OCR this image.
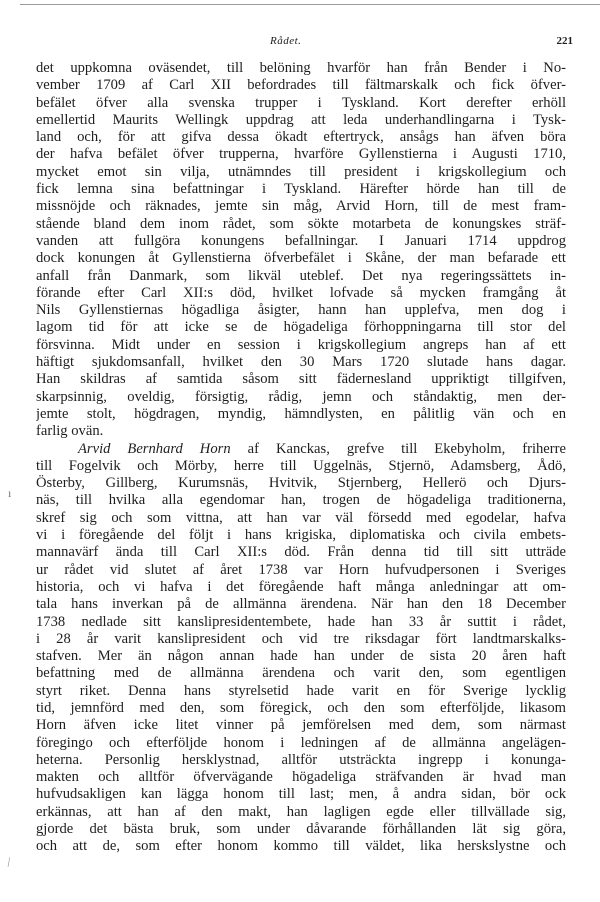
Rådet.	221
det uppkomna oväsendet, till belöning hvarför han från Bender i No-
vember 1709 af Carl XII befordrades till fältmarskalk och fick öfver-
befälet öfver alla svenska trupper i Tyskland. Kort derefter erhöll
emellertid Maurits Wellingk uppdrag att leda underhandlingarna i Tysk-
land och, för att gifva dessa ökadt eftertryck, ansågs han äfven böra
der hafva befälet öfver trupperna, hvarföre Gyllenstierna i Augusti 1710,
mycket emot sin vilja, utnämndes till president i krigskollegium och
fick lemna sina befattningar i Tyskland. Härefter hörde han till de
missnöjde och räknades, jemte sin måg, Arvid Horn, till de mest fram-
stående bland dem inom rådet, som sökte motarbeta de konungskes sträf-
vanden att fullgöra konungens befallningar. I Januari 1714 uppdrog
dock konungen åt Gyllenstierna öfverbefälet i Skåne, der man befarade ett
anfall från Danmark, som likväl uteblef. Det nya regeringssättets in-
förande efter Carl XII:s död, hvilket lofvade så mycken framgång åt
Nils Gyllenstiernas högadliga åsigter, hann han upplefva, men dog i
lagom tid för att icke se de högadeliga förhoppningarna till stor del
försvinna. Midt under en session i krigskollegium angreps han af ett
häftigt sjukdomsanfall, hvilket den 30 Mars 1720 slutade hans dagar.
Han skildras af samtida såsom sitt fädernesland uppriktigt tillgifven,
skarpsinnig, oveldig, försigtig, rådig, jemn och ståndaktig, men der-
jemte stolt, högdragen, myndig, hämndlysten, en pålitlig vän och en
farlig ovän.
Arvid Bernhard Horn af Kanckas, grefve till Ekebyholm, friherre
till Fogelvik och Mörby, herre till Uggelnäs, Stjernö, Adamsberg, Ådö,
Österby, Gillberg, Kurumsnäs, Hvitvik, Stjernberg, Hellerö och Djurs-
näs, till hvilka alla egendomar han, trogen de högadeliga traditionerna,
skref sig och som vittna, att han var väl försedd med egodelar, hafva
vi i föregående del följt i hans krigiska, diplomatiska och civila embets-
mannavärf ända till Carl XII:s död. Från denna tid till sitt utträde
ur rådet vid slutet af året 1738 var Horn hufvudpersonen i Sveriges
historia, och vi hafva i det föregående haft många anledningar att om-
tala hans inverkan på de allmänna ärendena. När han den 18 December
1738 nedlade sitt kanslipresidentembete, hade han 33 år suttit i rådet,
i 28 år varit kanslipresident och vid tre riksdagar fört landtmarskalks-
stafven. Mer än någon annan hade han under de sista 20 åren haft
befattning med de allmänna ärendena och varit den, som egentligen
styrt riket. Denna hans styrelsetid hade varit en för Sverige lycklig
tid, jemnförd med den, som föregick, och den som efterföljde, likasom
Horn äfven icke litet vinner på jemförelsen med dem, som närmast
föregingo och efterföljde honom i ledningen af de allmänna angelägen-
heterna. Personlig hersklystnad, alltför utsträckta ingrepp i konunga-
makten och alltför öfvervägande högadeliga sträfvanden är hvad man
hufvudsakligen kan lägga honom till last; men, å andra sidan, bör ock
erkännas, att han af den makt, han lagligen egde eller tillvällade sig,
gjorde det bästa bruk, som under dåvarande förhållanden lät sig göra,
och att de, som efter honom kommo till väldet, lika herskslystne och
ı
⁄
